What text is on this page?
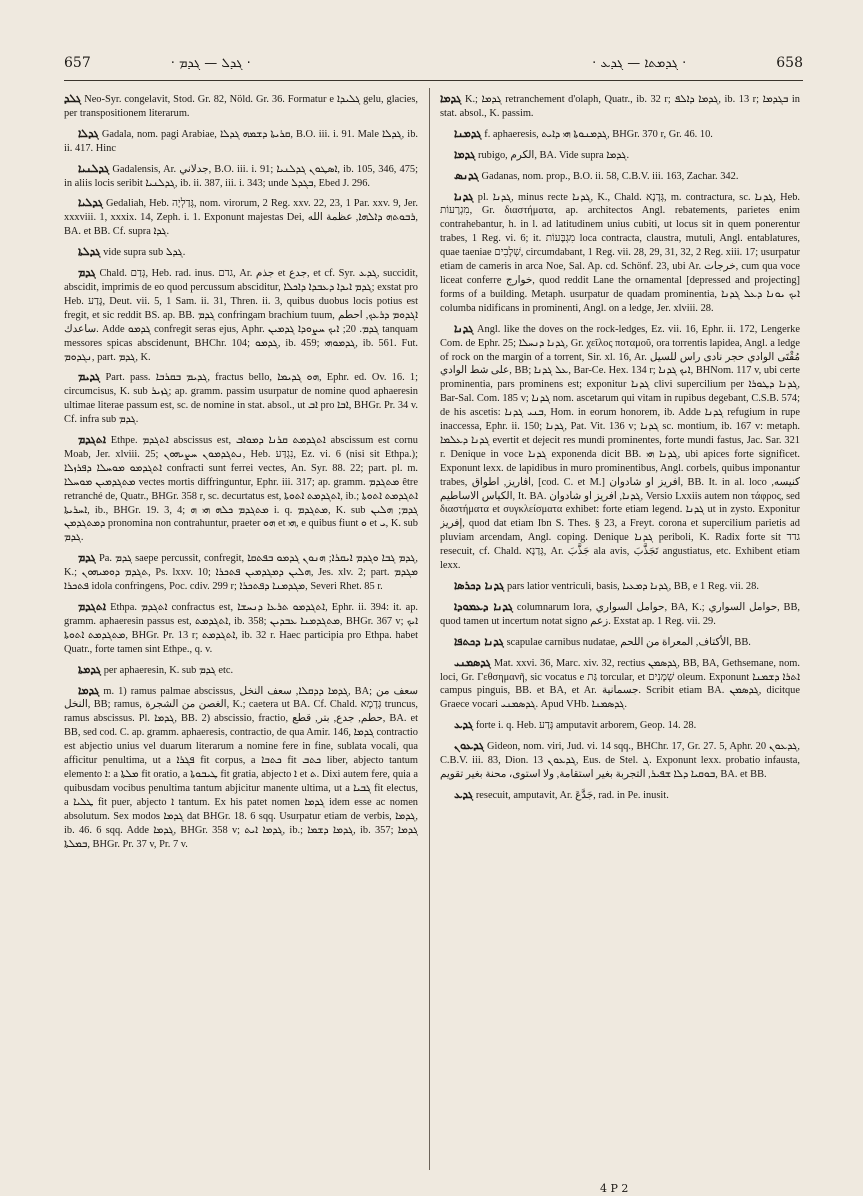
657	· ܓܕܠ — ܓܕܡ ·	· ܓܕܡܬܐ — ܓܕܥ ·	658

ܓܠܕ Neo-Syr. congelavit, Stod. Gr. 82, Nöld. Gr. 36. Formatur e ܓܠܝܕܐ gelu, glacies, per transpositionem literarum.

ܓܕܠܐ Gadala, nom. pagi Arabiae, ܩܪܝܬܐ ܕܫܡܗ ܓܕܠܐ, B.O. iii. i. 91. Male ܓܕܠܐ, ib. ii. 417. Hinc

ܓܕܠܢܝܐ Gadalensis, Ar. جدلاني, B.O. iii. i. 91; ܐܣܛܘܢ ܓܕܠܢܝܐ, ib. 105, 346, 475; in aliis locis seribit ܓܕܠܢܝܐ, ib. ii. 387, iii. i. 343; unde ܒܓܕܠ, Ebed J. 296.

ܓܕܠܝܐ Gedaliah, Heb. גְּדַלְיָה, nom. virorum, 2 Reg. xxv. 22, 23, 1 Par. xxv. 9, Jer. xxxviii. 1, xxxix. 14, Zeph. i. 1. Exponunt majestas Dei, ܪܒܘܬܗ ܕܐܠܗܐ, عظمة الله, BA. et BB. Cf. supra ܓܕܐ.

ܓܕܠܬܐ vide supra sub ܓܕܠ.

ܓܕܡ Chald. גְּדַם, Heb. rad. inus. גדם, Ar. جذم et جدع, et cf. Syr. ܓܕܥ, succidit, abscidit, imprimis de eo quod percussum absciditur, ܓܕܡ ܐܝܕܐ ܕܥܒܕܐ ܕܐܟܠܐ; exstat pro Heb. גָּדַע, Deut. vii. 5, 1 Sam. ii. 31, Thren. ii. 3, quibus duobus locis potius est fregit, et sic reddit BS. ap. BB. ܓܕܡ confringam brachium tuum, ܐܓܕܘܡ ܕܪܥܟ, احطم ساعدك. Adde ܓܕܡܘ confregit seras ejus, Aphr. ܓܕܡ. 20; ܐܝܟ ܚܨܘܕܐ ܓܕܡܝܢ tanquam messores spicas abscidenunt, BHChr. 104; ܓܕܡܘ, ib. 459; ܓܕܡܘܗܝ, ib. 561. Fut. ܢܓܕܘܡ, part. ܓܕܡ, K.

ܓܕܝܡ Part. pass. ܓܕܝܡ ܒܩܪܒܐ, fractus bello, ܗܘ ܓܕܝܡܐ, Ephr. ed. Ov. 16. 1; circumcisus, K. sub ܓܙܝܪ; ap. gramm. passim usurpatur de nomine quod aphaeresin ultimae literae passum est, sc. de nomine in stat. absol., ut ܐܒ pro ܐܒܐ, BHGr. Pr. 34 v. Cf. infra sub ܓܕܡ.

ܐܬܓܕܡ Ethpe. ܐܬܓܕܡ abscissus est, ܐܬܓܕܡܬ ܩܪܢܐ ܕܡܘܐܒ abscissum est cornu Moab, Jer. xlviii. 25; ܢܬܓܕܡܘܢ ܚܨܝܗܘܢ, Heb. נִגְדַּע, Ez. vi. 6 (nisi sit Ethpa.); ܐܬܓܕܡܘ ܡܘܚܠܐ ܕܦܪܙܠܐ confracti sunt ferrei vectes, An. Syr. 88. 22; part. pl. m. ܡܬܓܕܡܝܢ ܡܘܚܠܐ vectes mortis diffringuntur, Ephr. iii. 317; ap. gramm. ܡܬܓܕܡ être retranché de, Quatr., BHGr. 358 r, sc. decurtatus est, ܐܬܓܕܡܬ ܐܬܘܬܐ, ib.; ܐܬܓܕܡܬ ܐܬܘܬܐ ܐܚܪܝܬܐ, ib., BHGr. 19. 3, 4; ܡܬܓܕܡ ܟܠܗ ܗܝ ܗ i. q. ܡܬܓܕܡ, K. sub ܓܕܡ; ܗܠܝܢ ܕܡܬܓܕܡܢ pronomina non contrahuntur, praeter ܗܘ et ܗܝ, e quibus fiunt ܘ et ܝ, K. sub ܓܕܡ.

ܓܕܡ Pa. ܓܕܡ saepe percussit, confregit, ܓܕܡ ܓܒܐ ܘܓܕܡ ܐܝܩܪܐ; ܗܢܘܢ ܓܕܡܘ ܒܦܬܩܐ, K.; ܬܓܕܡ ܕܘܡܝܗܘܢ, Ps. lxxv. 10; ܗܠܝܢ ܕܡܓܕܡܝܢ ܦܬܟܪܐ, Jes. xlv. 2; part. ܡܓܕܡ ܦܬܟܪܐ idola confringens, Poc. cdiv. 299 r; ܡܓܕܡܢܐ ܕܦܬܟܪܐ, Severi Rhet. 85 r.

ܐܬܓܕܡ Ethpa. ܐܬܓܕܡ confractus est, ܐܬܓܕܡܘ ܬܪܥܐ ܕܢܚܫܐ, Ephr. ii. 394: it. ap. gramm. aphaeresin passus est, ܐܬܓܕܡܬ, ib. 358; ܡܬܓܕܡܢܐ ܥܒܕܝܢ, BHGr. 367 v; ܐܝܟ ܡܬܓܕܡܬ ܐܬܘܬܐ, BHGr. Pr. 13 r; ܐܬܓܕܡܬ, ib. 32 r. Haec participia pro Ethpa. habet Quatr., forte tamen sint Ethpe., q. v.

ܓܕܡܬܐ per aphaeresin, K. sub ܓܕܡ etc.

ܓܕܡܐ m. 1) ramus palmae abscissus, ܓܕܡܐ ܕܕܩܠܐ, سعف النخل, BA; سعف من النخل, BB; ramus, الغصن من الشجرة, K.; caetera ut BA. Cf. Chald. גְּדָמָא truncus, ramus abscissus. Pl. ܓܕܡܐ, BB. 2) abscissio, fractio, حطم, جدع, بتر, قطع, BA. et BB, sed cod. C. ap. gramm. aphaeresis, contractio, de qua Amir. 146, ܓܕܡܐ contractio est abjectio unius vel duarum literarum a nomine fere in fine, sublata vocali, qua afficitur penultima, ut a ܦܓܪܐ fit corpus, a ܟܬܒܐ fit ܟܬܒ liber, abjecto tantum elemento ܐ: a ܡܠܬܐ fit oratio, a ܛܝܒܘܬܐ fit gratia, abjecto ܐ et ܬ. Dixi autem fere, quia a quibusdam vocibus penultima tantum abjicitur manente ultima, ut a ܓܒܝܐ fit electus, a ܛܠܝܐ fit puer, abjecto ܐ tantum. Ex his patet nomen ܓܕܡܐ idem esse ac nomen absolutum. Sex modos ܓܕܡܐ dat BHGr. 18. 6 sqq. Usurpatur etiam de verbis, ܓܕܡܐ, ib. 46. 6 sqq. Adde ܓܕܡܐ, BHGr. 358 v; ܓܕܡܐ ܐܝܬ, ib.; ܓܕܡܐ ܕܫܡܐ, ib. 357; ܓܕܡܐ ܒܡܠܬܐ, BHGr. Pr. 37 v, Pr. 7 v.

ܓܕܡܐ K.; ܓܕܡܐ retranchement d'olaph, Quatr., ib. 32 r; ܓܕܡܐ ܕܐܠܦ, ib. 13 r; ܒܓܕܡܐ in stat. absol., K. passim.

ܓܕܡܢܐ f. aphaeresis, ܓܕܡܢܘܬܐ ܗܝ ܕܐܝܬ, BHGr. 370 r, Gr. 46. 10.

ܓܕܡܐ rubigo, الكرم, BA. Vide supra ܓܕܡܐ.

ܓܕܢܣ Gadanas, nom. prop., B.O. ii. 58, C.B.V. iii. 163, Zachar. 342.

ܓܕܢܐ pl. ܓܕܢܐ, minus recte ܓܕܢܐ, K., Chald. גְּדָנָא, m. contractura, sc. ܓܕܢܐ, Heb. מִגְרָעוֹת, Gr. διαστήματα, ap. architectos Angl. rebatements, parietes enim contrahebantur, h. in l. ad latitudinem unius cubiti, ut locus sit in quem ponerentur trabes, 1 Reg. vi. 6; it. מִגְבָּעוֹת loca contracta, claustra, mutuli, Angl. entablatures, quae taeniae שְׁלָבִים, circumdabant, 1 Reg. vii. 28, 29, 31, 32, 2 Reg. xiii. 17; usurpatur etiam de cameris in arca Noe, Sal. Ap. cd. Schönf. 23, ubi Ar. خرجات, cum qua voce liceat conferre خوارج, quod reddit Lane the ornamental [depressed and projecting] forms of a building. Metaph. usurpatur de quadam prominentia, ܐܝܟ ܝܘܢܐ ܕܥܠ ܓܕܢܐ columba nidificans in prominenti, Angl. on a ledge, Jer. xlviii. 28.

ܓܕܢܐ Angl. like the doves on the rock-ledges, Ez. vii. 16, Ephr. ii. 172, Lengerke Com. de Ephr. 25; ܓܕܢܐ ܕܢܚܠܐ, Gr. χεῖλος ποταμοῦ, ora torrentis lapidea, Angl. a ledge of rock on the margin of a torrent, Sir. xl. 16, Ar. مُقْتَى الوادي حجر نادى راس للسيل على شط الوادي, BB; ܥܠ ܓܕܢܐ, Bar-Ce. Hex. 134 r; ܐܝܟ ܓܕܢܐ, BHNom. 117 v, ubi certe prominentia, pars prominens est; exponitur ܓܕܢܐ clivi supercilium per ܓܕܢܐ ܕܛܘܪܐ, Bar-Sal. Com. 185 v; ܓܕܢܐ nom. ascetarum qui vitam in rupibus degebant, C.S.B. 574; de his ascetis: ܒܢܝ ܓܕܢܐ, Hom. in eorum honorem, ib. Adde ܓܕܢܐ refugium in rupe inaccessa, Ephr. ii. 150; ܓܕܢܐ, Pat. Vit. 136 v; ܓܕܢܐ sc. montium, ib. 167 v: metaph. ܓܕܢܐ ܕܥܠܡܐ evertit et dejecit res mundi prominentes, forte mundi fastus, Jac. Sar. 321 r. Denique in voce ܓܕܢܐ exponenda dicit BB. ܓܕܢܐ ܗܝ, ubi apices forte significet. Exponunt lexx. de lapidibus in muro prominentibus, Angl. corbels, quibus imponantur trabes, افاريز, اطواق, [cod. C. et M.] افريز او شادوان, BB. It. in al. loco كنيسه, الكياس الاساطيم, It. BA. ܓܕܢܐ, افريز او شادوان, Versio Lxxiis autem non τάφρος, sed διαστήματα et συγκλείσματα exhibet: forte etiam legend. ܓܕܢܐ ut in zysto. Exponitur إفريز, quod dat etiam Ibn S. Thes. § 23, a Freyt. corona et supercilium parietis ad pluviam arcendam, Angl. coping. Denique ܓܕܢܐ periboli, K. Radix forte sit גדד resecuit, cf. Chald. גְּדַנָא, Ar. جَذَّبَ ala avis, تَجَذَّبَ angustiatus, etc. Exhibent etiam lexx.

ܓܕܢܐ ܕܟܪܣܐ pars latior ventriculi, basis, ܓܕܢܐ ܕܡܥܝܐ, BB, e 1 Reg. vii. 28.

ܓܕܢܐ ܕܥܡܘܕܐ columnarum lora, حوامل السواري, BA, K.; حوامل السواري, BB, quod tamen ut incertum notat signo زعم. Exstat ap. 1 Reg. vii. 29.

ܓܕܢܐ ܕܟܬܦܐ scapulae carnibus nudatae, الأكتاف, المعراة من اللحم, BB.

ܓܕܣܡܢܝ Mat. xxvi. 36, Marc. xiv. 32, rectius ܓܕܣܡܢ, BB, BA, Gethsemane, nom. loci, Gr. Γεθσημανῆ, sic vocatus e גַּת torcular, et שְׁמָנִים oleum. Exponunt ܐܬܪܐ ܕܫܡܢܐ campus pinguis, BB. et BA, et Ar. جسمانية. Scribit etiam BA. ܓܕܣܡܢ, dicitque Graece vocari ܓܕܣܡܢܝ. Apud VHb. ܓܕܣܡܢܐ.

ܓܕܥ forte i. q. Heb. גָּדַע amputavit arborem, Geop. 14. 28.

ܓܕܥܘܢ Gideon, nom. viri, Jud. vi. 14 sqq., BHChr. 17, Gr. 27. 5, Aphr. ܓܕܥܘܢ 20, C.B.V. iii. 83, Dion. ܓܕܥܘܢ 13, Eus. de Stel. ܓ. Exponunt lexx. probatio infausta, ܒܘܩܝܐ ܕܠܐ ܫܦܝܪ, التجربة بغير استقامة, ولا استوى، محنة بغير تقويم, BA. et BB.

ܓܕܥ resecuit, amputavit, Ar. جَدَّعَ, rad. in Pe. inusit.

4 P 2
